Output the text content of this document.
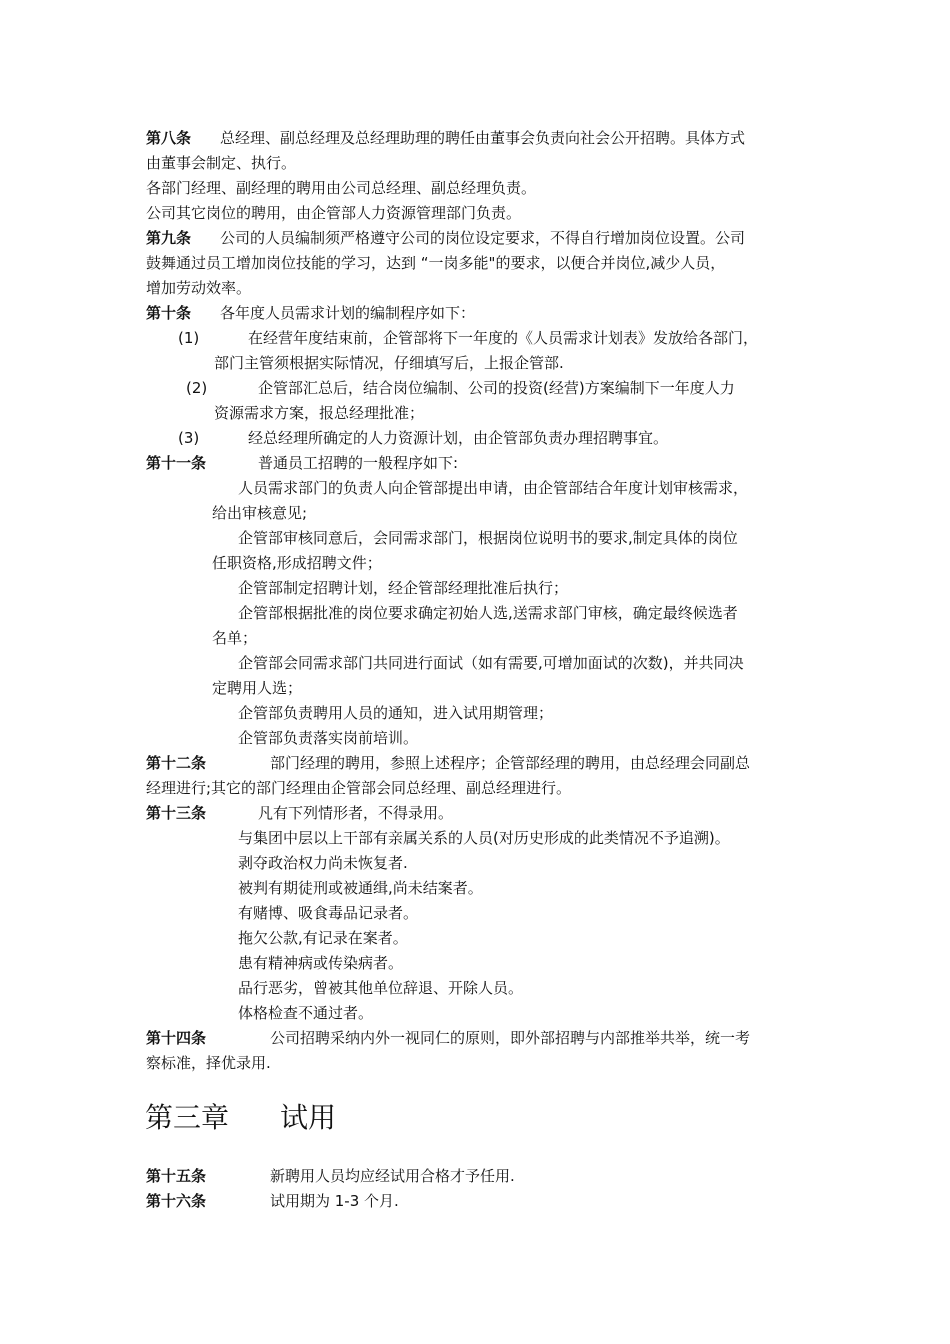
第八条 总经理、副总经理及总经理助理的聘任由董事会负责向社会公开招聘。具体方式
由董事会制定、执行。
各部门经理、副经理的聘用由公司总经理、副总经理负责。
公司其它岗位的聘用，由企管部人力资源管理部门负责。
第九条 公司的人员编制须严格遵守公司的岗位设定要求，不得自行增加岗位设置。公司
鼓舞通过员工增加岗位技能的学习，达到 “一岗多能"的要求，以便合并岗位,减少人员，
增加劳动效率。
第十条 各年度人员需求计划的编制程序如下：
(1)	在经营年度结束前，企管部将下一年度的《人员需求计划表》发放给各部门，
部门主管须根据实际情况，仔细填写后，上报企管部.
(2)	企管部汇总后，结合岗位编制、公司的投资(经营)方案编制下一年度人力
资源需求方案，报总经理批准；
(3)	经总经理所确定的人力资源计划，由企管部负责办理招聘事宜。
第十一条	普通员工招聘的一般程序如下:
人员需求部门的负责人向企管部提出申请，由企管部结合年度计划审核需求，
给出审核意见;
企管部审核同意后，会同需求部门，根据岗位说明书的要求,制定具体的岗位
任职资格,形成招聘文件；
企管部制定招聘计划，经企管部经理批准后执行；
企管部根据批准的岗位要求确定初始人选,送需求部门审核，确定最终候选者
名单；
企管部会同需求部门共同进行面试（如有需要,可增加面试的次数)，并共同决
定聘用人选；
企管部负责聘用人员的通知，进入试用期管理；
企管部负责落实岗前培训。
第十二条	部门经理的聘用，参照上述程序；企管部经理的聘用，由总经理会同副总
经理进行;其它的部门经理由企管部会同总经理、副总经理进行。
第十三条	凡有下列情形者，不得录用。
与集团中层以上干部有亲属关系的人员(对历史形成的此类情况不予追溯)。
剥夺政治权力尚未恢复者.
被判有期徒刑或被通缉,尚未结案者。
有赌博、吸食毒品记录者。
拖欠公款,有记录在案者。
患有精神病或传染病者。
品行恶劣，曾被其他单位辞退、开除人员。
体格检查不通过者。
第十四条	公司招聘采纳内外一视同仁的原则，即外部招聘与内部推举共举，统一考
察标准，择优录用.
第三章 试用
第十五条	新聘用人员均应经试用合格才予任用.
第十六条	试用期为 1-3 个月.
